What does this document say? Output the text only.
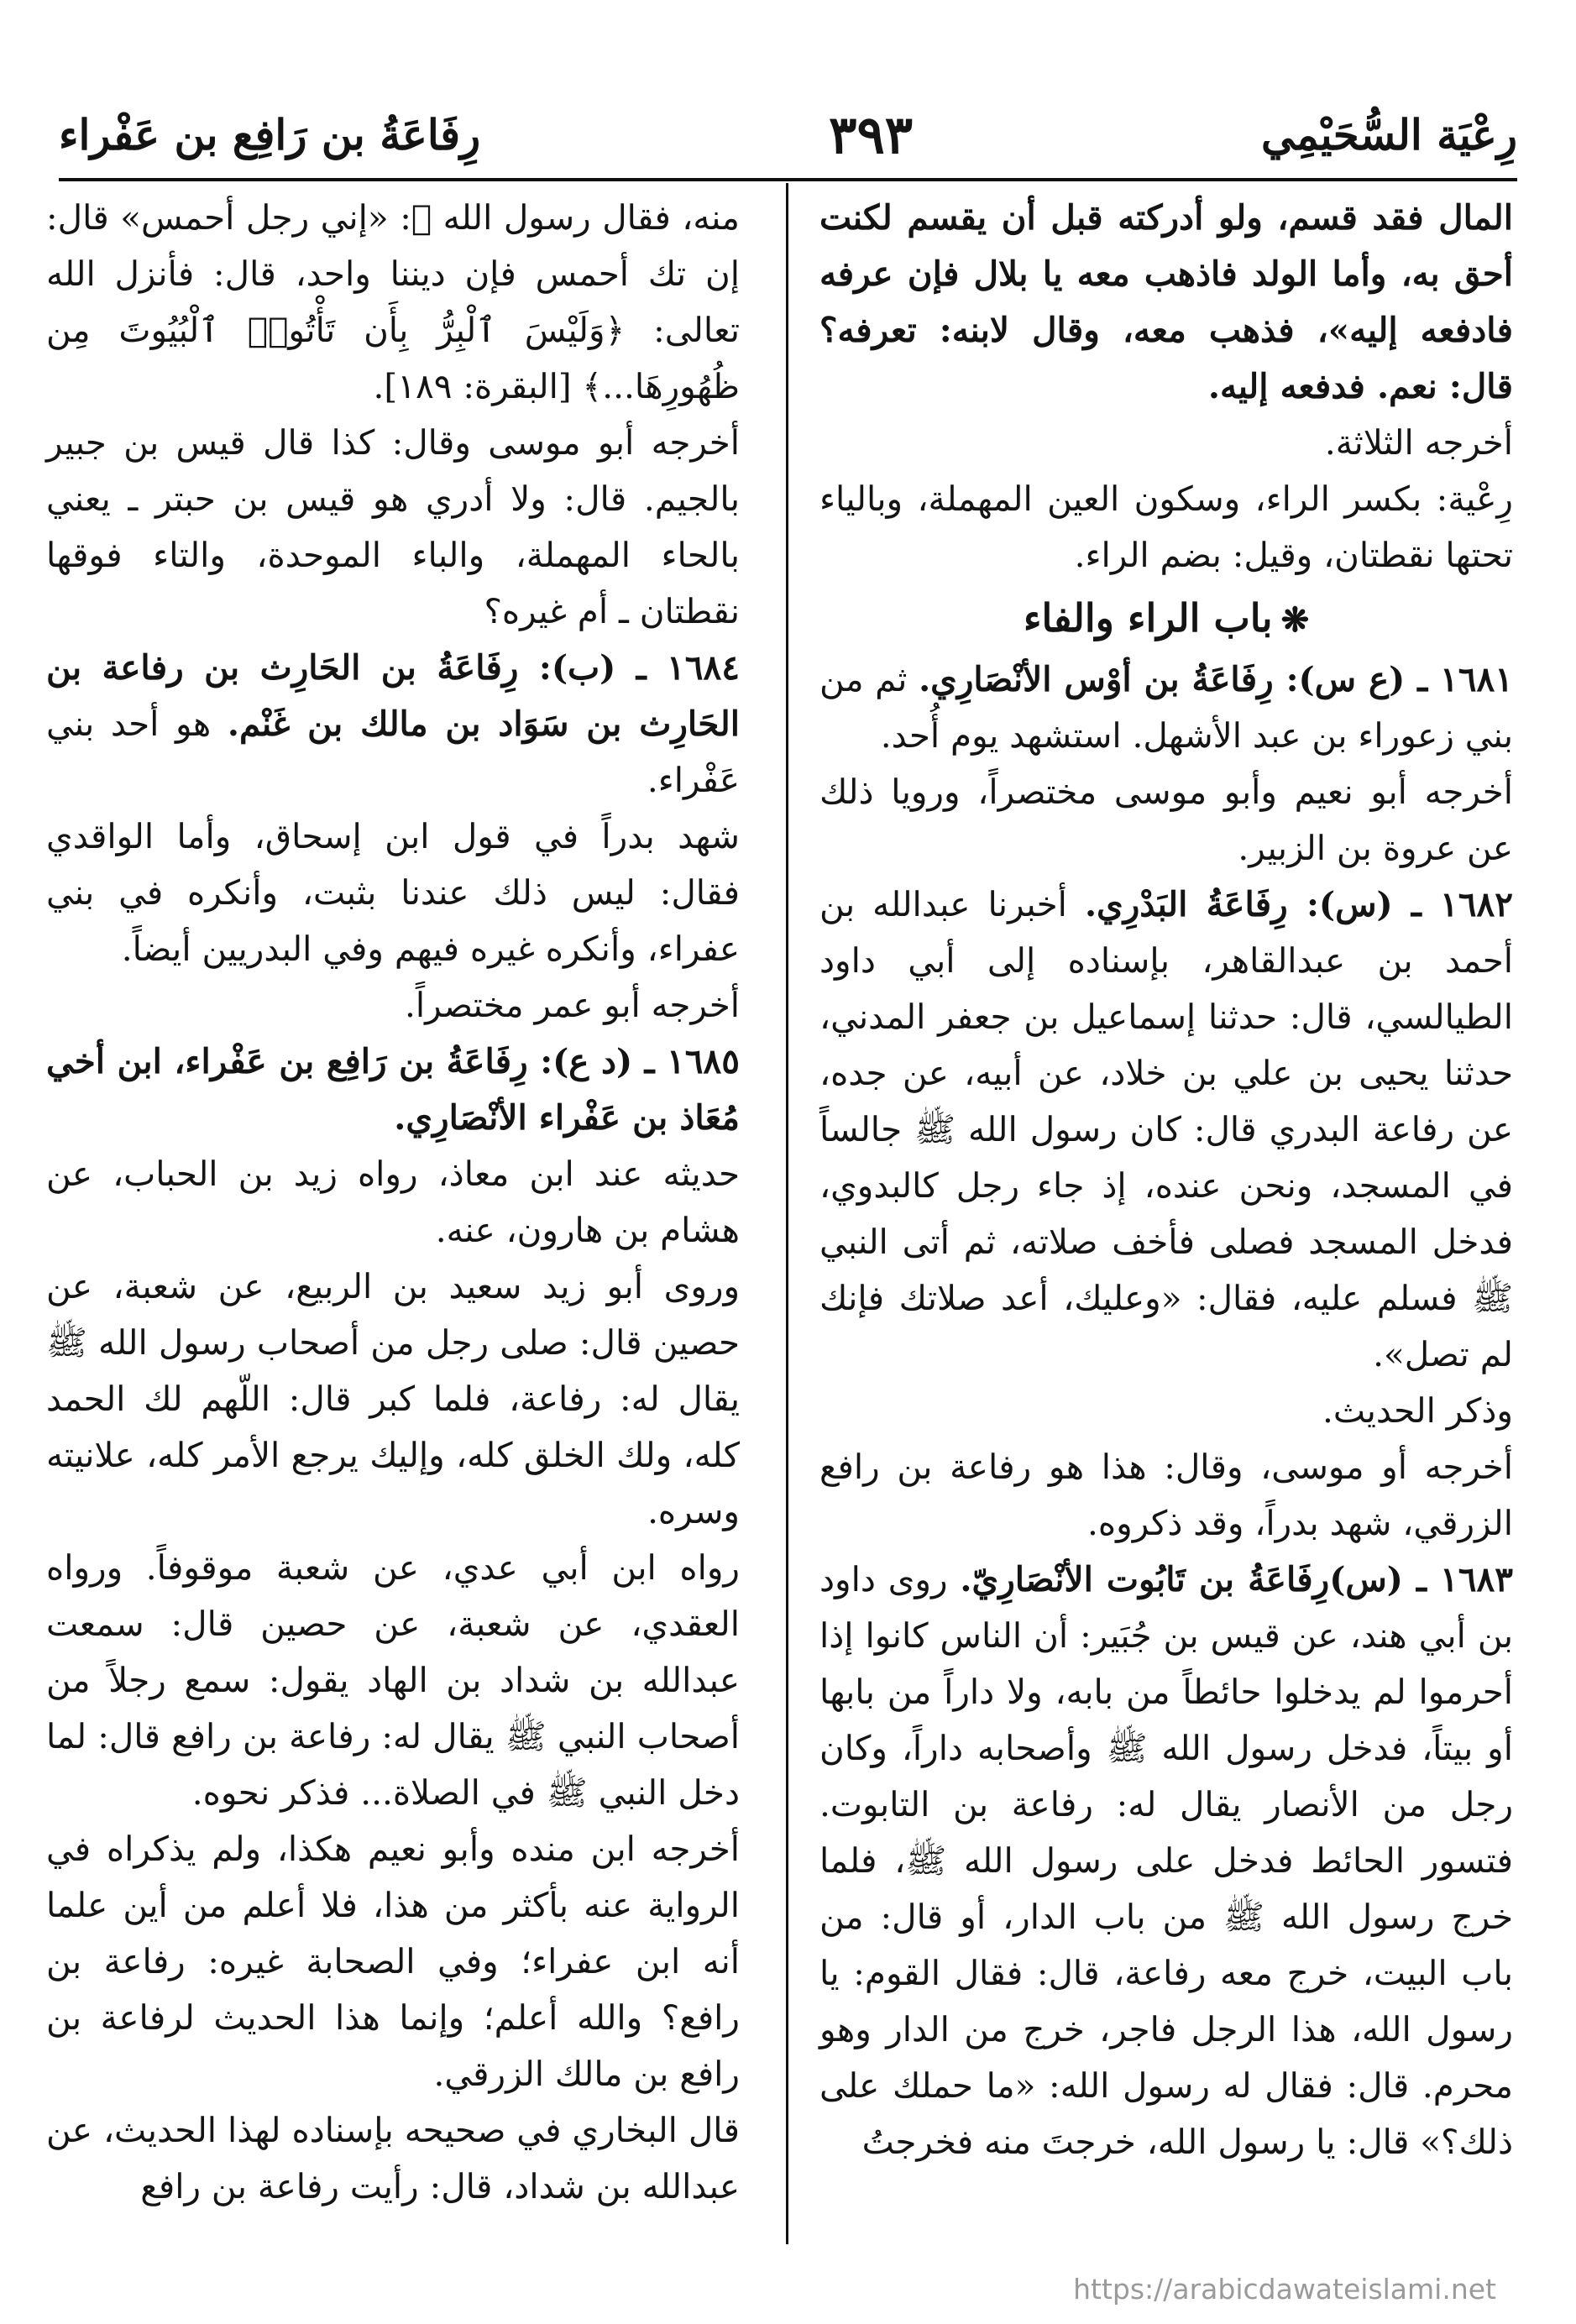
رِعْيَة السُّحَيْمِي
٣٩٣
رِفَاعَةُ بن رَافِع بن عَفْراء

المال فقد قسم، ولو أدركته قبل أن يقسم لكنت أحق به، وأما الولد فاذهب معه يا بلال فإن عرفه فادفعه إليه»، فذهب معه، وقال لابنه: تعرفه؟ قال: نعم. فدفعه إليه.

أخرجه الثلاثة.

رِعْية: بكسر الراء، وسكون العين المهملة، وبالياء تحتها نقطتان، وقيل: بضم الراء.

❋باب الراء والفاء

١٦٨١ ـ (ع س): رِفَاعَةُ بن أوْس الأنْصَارِي. ثم من بني زعوراء بن عبد الأشهل. استشهد يوم أُحد.

أخرجه أبو نعيم وأبو موسى مختصراً، ورويا ذلك عن عروة بن الزبير.

١٦٨٢ ـ (س): رِفَاعَةُ البَدْرِي. أخبرنا عبدالله بن أحمد بن عبدالقاهر، بإسناده إلى أبي داود الطيالسي، قال: حدثنا إسماعيل بن جعفر المدني، حدثنا يحيى بن علي بن خلاد، عن أبيه، عن جده، عن رفاعة البدري قال: كان رسول الله ﷺ جالساً في المسجد، ونحن عنده، إذ جاء رجل كالبدوي، فدخل المسجد فصلى فأخف صلاته، ثم أتى النبي ﷺ فسلم عليه، فقال: «وعليك، أعد صلاتك فإنك لم تصل».

وذكر الحديث.

أخرجه أو موسى، وقال: هذا هو رفاعة بن رافع الزرقي، شهد بدراً، وقد ذكروه.

١٦٨٣ ـ (س)رِفَاعَةُ بن تَابُوت الأنْصَارِيّ. روى داود بن أبي هند، عن قيس بن جُبَير: أن الناس كانوا إذا أحرموا لم يدخلوا حائطاً من بابه، ولا داراً من بابها أو بيتاً، فدخل رسول الله ﷺ وأصحابه داراً، وكان رجل من الأنصار يقال له: رفاعة بن التابوت. فتسور الحائط فدخل على رسول الله ﷺ، فلما خرج رسول الله ﷺ من باب الدار، أو قال: من باب البيت، خرج معه رفاعة، قال: فقال القوم: يا رسول الله، هذا الرجل فاجر، خرج من الدار وهو محرم. قال: فقال له رسول الله: «ما حملك على ذلك؟» قال: يا رسول الله، خرجتَ منه فخرجتُ

منه، فقال رسول الله ﷺ: «إني رجل أحمس» قال: إن تك أحمس فإن ديننا واحد، قال: فأنزل الله تعالى: ﴿وَلَيْسَ ٱلْبِرُّ بِأَن تَأْتُوا۟ ٱلْبُيُوتَ مِن ظُهُورِهَا...﴾ [البقرة: ١٨٩].

أخرجه أبو موسى وقال: كذا قال قيس بن جبير بالجيم. قال: ولا أدري هو قيس بن حبتر ـ يعني بالحاء المهملة، والباء الموحدة، والتاء فوقها نقطتان ـ أم غيره؟

١٦٨٤ ـ (ب): رِفَاعَةُ بن الحَارِث بن رفاعة بن الحَارِث بن سَوَاد بن مالك بن غَنْم. هو أحد بني عَفْراء.

شهد بدراً في قول ابن إسحاق، وأما الواقدي فقال: ليس ذلك عندنا بثبت، وأنكره في بني عفراء، وأنكره غيره فيهم وفي البدريين أيضاً.

أخرجه أبو عمر مختصراً.

١٦٨٥ ـ (د ع): رِفَاعَةُ بن رَافِع بن عَفْراء، ابن أخي مُعَاذ بن عَفْراء الأنْصَارِي.

حديثه عند ابن معاذ، رواه زيد بن الحباب، عن هشام بن هارون، عنه.

وروى أبو زيد سعيد بن الربيع، عن شعبة، عن حصين قال: صلى رجل من أصحاب رسول الله ﷺ يقال له: رفاعة، فلما كبر قال: اللّهم لك الحمد كله، ولك الخلق كله، وإليك يرجع الأمر كله، علانيته وسره.

رواه ابن أبي عدي، عن شعبة موقوفاً. ورواه العقدي، عن شعبة، عن حصين قال: سمعت عبدالله بن شداد بن الهاد يقول: سمع رجلاً من أصحاب النبي ﷺ يقال له: رفاعة بن رافع قال: لما دخل النبي ﷺ في الصلاة... فذكر نحوه.

أخرجه ابن منده وأبو نعيم هكذا، ولم يذكراه في الرواية عنه بأكثر من هذا، فلا أعلم من أين علما أنه ابن عفراء؛ وفي الصحابة غيره: رفاعة بن رافع؟ والله أعلم؛ وإنما هذا الحديث لرفاعة بن رافع بن مالك الزرقي.

قال البخاري في صحيحه بإسناده لهذا الحديث، عن عبدالله بن شداد، قال: رأيت رفاعة بن رافع

https://arabicdawateislami.net
